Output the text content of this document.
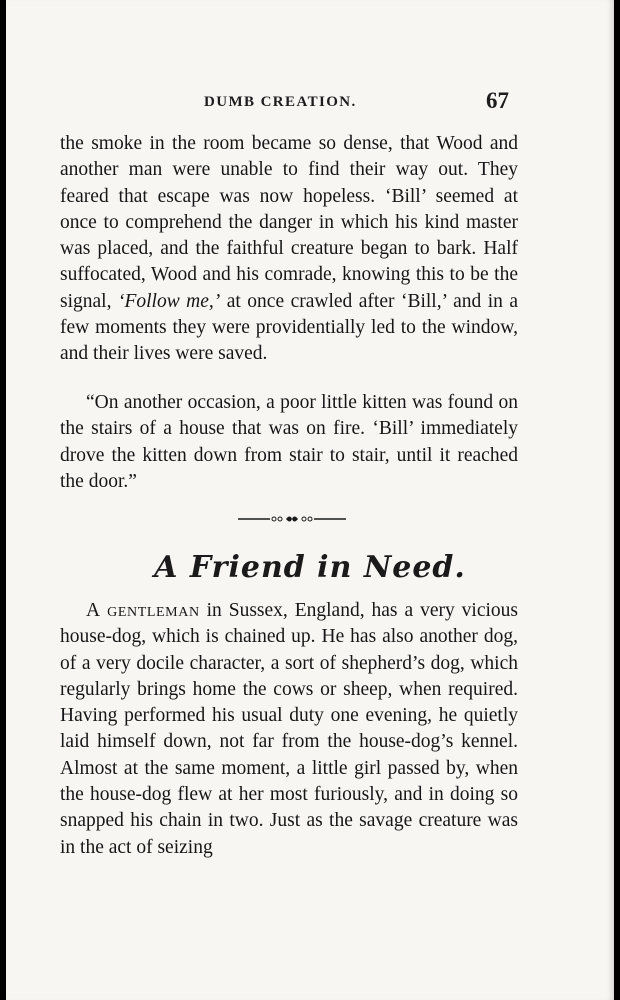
DUMB CREATION.	67

the smoke in the room became so dense, that Wood and another man were unable to find their way out. They feared that escape was now hopeless. ‘Bill’ seemed at once to comprehend the danger in which his kind master was placed, and the faithful creature began to bark. Half suffocated, Wood and his comrade, knowing this to be the signal, ‘Follow me,’ at once crawled after ‘Bill,’ and in a few moments they were providentially led to the window, and their lives were saved.

“On another occasion, a poor little kitten was found on the stairs of a house that was on fire. ‘Bill’ immediately drove the kitten down from stair to stair, until it reached the door.”

A Friend in Need.

A gentleman in Sussex, England, has a very vicious house-dog, which is chained up. He has also another dog, of a very docile character, a sort of shepherd’s dog, which regularly brings home the cows or sheep, when required. Having performed his usual duty one evening, he quietly laid himself down, not far from the house-dog’s kennel. Almost at the same moment, a little girl passed by, when the house-dog flew at her most furiously, and in doing so snapped his chain in two. Just as the savage creature was in the act of seizing
